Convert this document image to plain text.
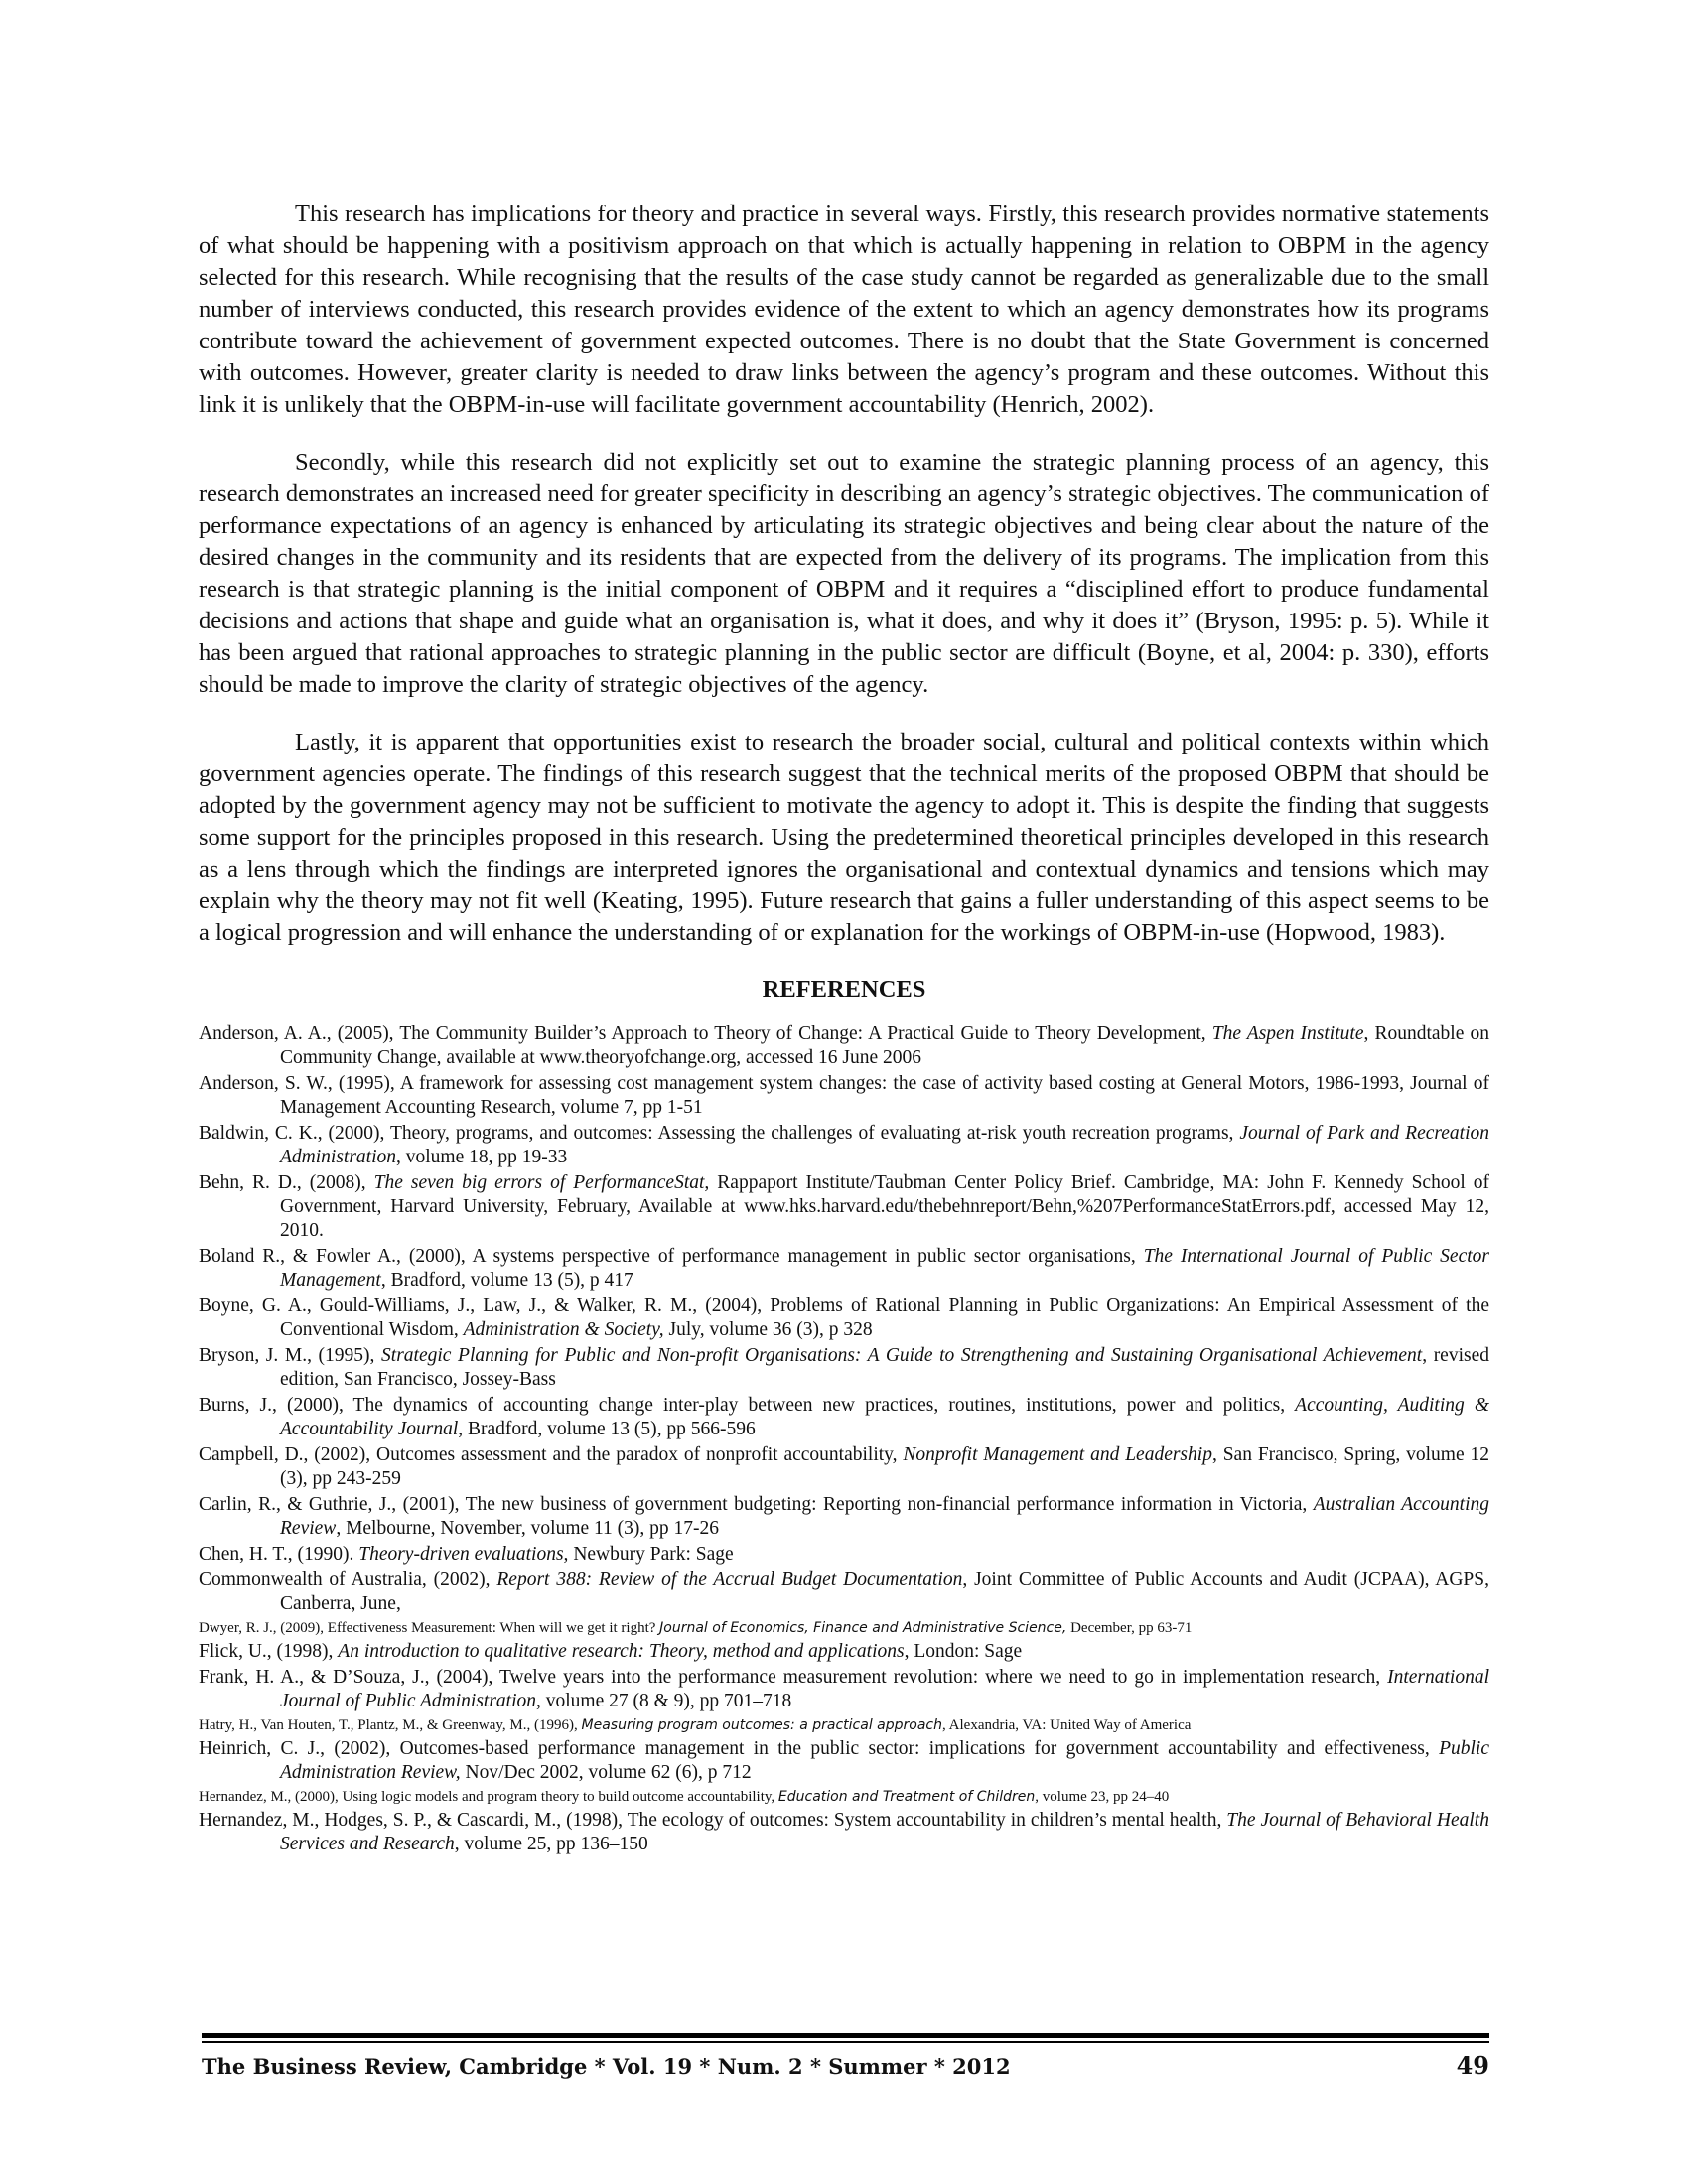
This research has implications for theory and practice in several ways. Firstly, this research provides normative statements of what should be happening with a positivism approach on that which is actually happening in relation to OBPM in the agency selected for this research. While recognising that the results of the case study cannot be regarded as generalizable due to the small number of interviews conducted, this research provides evidence of the extent to which an agency demonstrates how its programs contribute toward the achievement of government expected outcomes. There is no doubt that the State Government is concerned with outcomes. However, greater clarity is needed to draw links between the agency’s program and these outcomes. Without this link it is unlikely that the OBPM-in-use will facilitate government accountability (Henrich, 2002).

Secondly, while this research did not explicitly set out to examine the strategic planning process of an agency, this research demonstrates an increased need for greater specificity in describing an agency’s strategic objectives. The communication of performance expectations of an agency is enhanced by articulating its strategic objectives and being clear about the nature of the desired changes in the community and its residents that are expected from the delivery of its programs. The implication from this research is that strategic planning is the initial component of OBPM and it requires a “disciplined effort to produce fundamental decisions and actions that shape and guide what an organisation is, what it does, and why it does it” (Bryson, 1995: p. 5). While it has been argued that rational approaches to strategic planning in the public sector are difficult (Boyne, et al, 2004: p. 330), efforts should be made to improve the clarity of strategic objectives of the agency.

Lastly, it is apparent that opportunities exist to research the broader social, cultural and political contexts within which government agencies operate. The findings of this research suggest that the technical merits of the proposed OBPM that should be adopted by the government agency may not be sufficient to motivate the agency to adopt it. This is despite the finding that suggests some support for the principles proposed in this research. Using the predetermined theoretical principles developed in this research as a lens through which the findings are interpreted ignores the organisational and contextual dynamics and tensions which may explain why the theory may not fit well (Keating, 1995). Future research that gains a fuller understanding of this aspect seems to be a logical progression and will enhance the understanding of or explanation for the workings of OBPM-in-use (Hopwood, 1983).

REFERENCES

Anderson, A. A., (2005), The Community Builder’s Approach to Theory of Change: A Practical Guide to Theory Development, The Aspen Institute, Roundtable on Community Change, available at www.theoryofchange.org, accessed 16 June 2006

Anderson, S. W., (1995), A framework for assessing cost management system changes: the case of activity based costing at General Motors, 1986-1993, Journal of Management Accounting Research, volume 7, pp 1-51

Baldwin, C. K., (2000), Theory, programs, and outcomes: Assessing the challenges of evaluating at-risk youth recreation programs, Journal of Park and Recreation Administration, volume 18, pp 19-33

Behn, R. D., (2008), The seven big errors of PerformanceStat, Rappaport Institute/Taubman Center Policy Brief. Cambridge, MA: John F. Kennedy School of Government, Harvard University, February, Available at www.hks.harvard.edu/thebehnreport/Behn,%207PerformanceStatErrors.pdf, accessed May 12, 2010.

Boland R., & Fowler A., (2000), A systems perspective of performance management in public sector organisations, The International Journal of Public Sector Management, Bradford, volume 13 (5), p 417

Boyne, G. A., Gould-Williams, J., Law, J., & Walker, R. M., (2004), Problems of Rational Planning in Public Organizations: An Empirical Assessment of the Conventional Wisdom, Administration & Society, July, volume 36 (3), p 328

Bryson, J. M., (1995), Strategic Planning for Public and Non-profit Organisations: A Guide to Strengthening and Sustaining Organisational Achievement, revised edition, San Francisco, Jossey-Bass

Burns, J., (2000), The dynamics of accounting change inter-play between new practices, routines, institutions, power and politics, Accounting, Auditing & Accountability Journal, Bradford, volume 13 (5), pp 566-596

Campbell, D., (2002), Outcomes assessment and the paradox of nonprofit accountability, Nonprofit Management and Leadership, San Francisco, Spring, volume 12 (3), pp 243-259

Carlin, R., & Guthrie, J., (2001), The new business of government budgeting: Reporting non-financial performance information in Victoria, Australian Accounting Review, Melbourne, November, volume 11 (3), pp 17-26

Chen, H. T., (1990). Theory-driven evaluations, Newbury Park: Sage

Commonwealth of Australia, (2002), Report 388: Review of the Accrual Budget Documentation, Joint Committee of Public Accounts and Audit (JCPAA), AGPS, Canberra, June,

Dwyer, R. J., (2009), Effectiveness Measurement: When will we get it right? Journal of Economics, Finance and Administrative Science, December, pp 63-71

Flick, U., (1998), An introduction to qualitative research: Theory, method and applications, London: Sage

Frank, H. A., & D’Souza, J., (2004), Twelve years into the performance measurement revolution: where we need to go in implementation research, International Journal of Public Administration, volume 27 (8 & 9), pp 701–718

Hatry, H., Van Houten, T., Plantz, M., & Greenway, M., (1996), Measuring program outcomes: a practical approach, Alexandria, VA: United Way of America

Heinrich, C. J., (2002), Outcomes-based performance management in the public sector: implications for government accountability and effectiveness, Public Administration Review, Nov/Dec 2002, volume 62 (6), p 712

Hernandez, M., (2000), Using logic models and program theory to build outcome accountability, Education and Treatment of Children, volume 23, pp 24–40

Hernandez, M., Hodges, S. P., & Cascardi, M., (1998), The ecology of outcomes: System accountability in children’s mental health, The Journal of Behavioral Health Services and Research, volume 25, pp 136–150

The Business Review, Cambridge * Vol. 19 * Num. 2 * Summer * 2012	49
